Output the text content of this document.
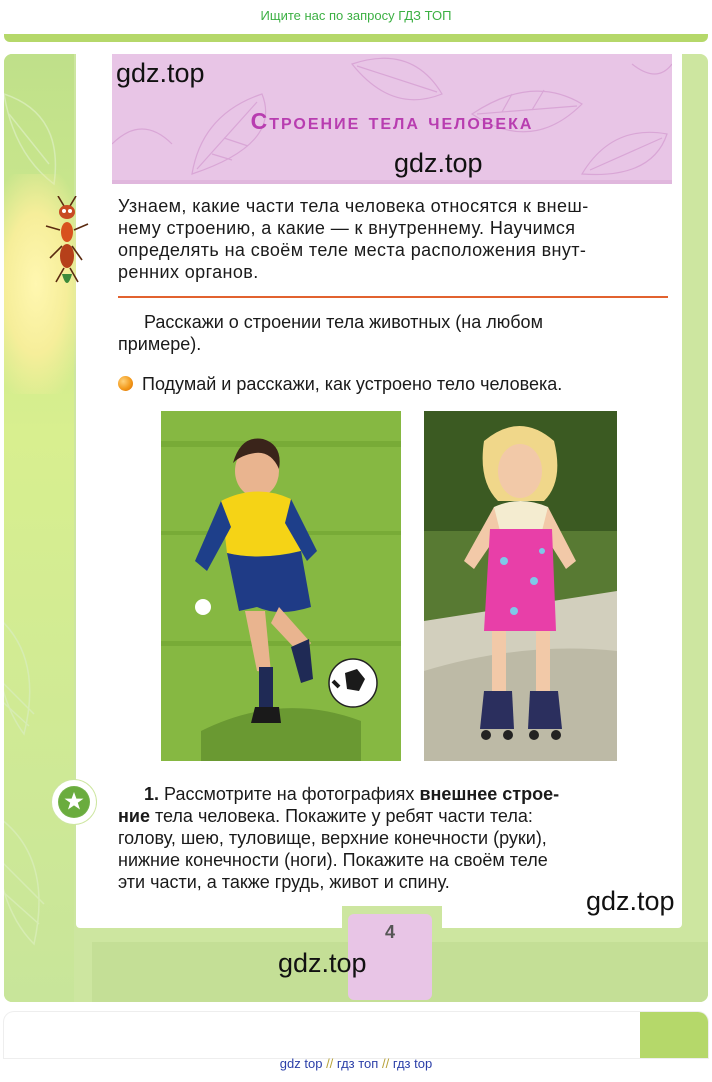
Ищите нас по запросу ГДЗ ТОП
Строение тела человека
gdz.top
gdz.top
Узнаем, какие части тела человека относятся к внеш-
нему строению, а какие — к внутреннему. Научимся
определять на своём теле места расположения внут-
ренних органов.
Расскажи о строении тела животных (на любом
примере).
Подумай и расскажи, как устроено тело человека.
1. Рассмотрите на фотографиях внешнее строе-
ние тела человека. Покажите у ребят части тела:
голову, шею, туловище, верхние конечности (руки),
нижние конечности (ноги). Покажите на своём теле
эти части, а также грудь, живот и спину.
gdz.top
4
gdz.top
gdz top // гдз топ // гдз top
